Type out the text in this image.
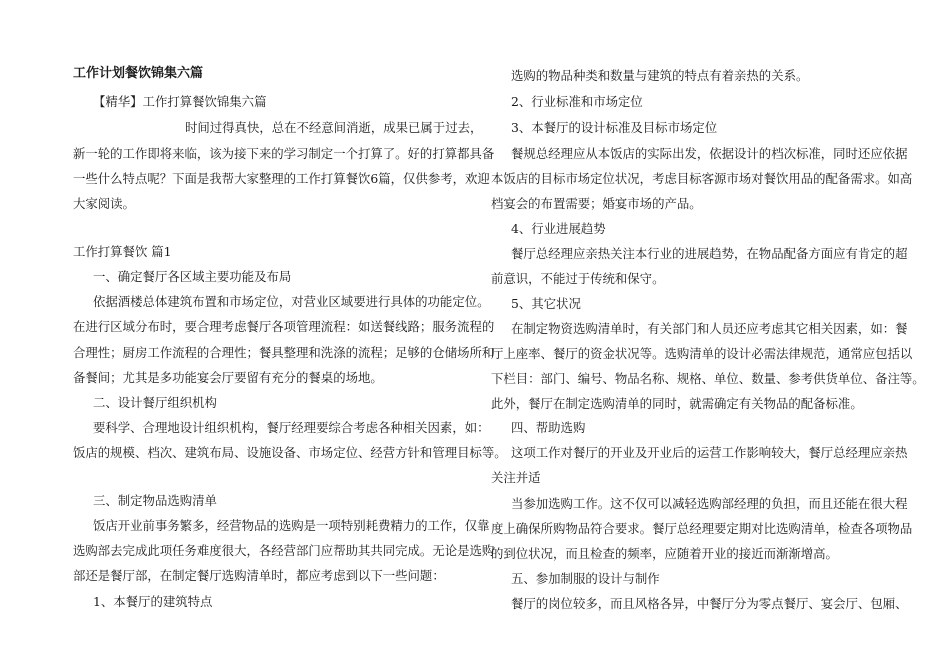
工作计划餐饮锦集六篇
【精华】工作打算餐饮锦集六篇
时间过得真快，总在不经意间消逝，成果已属于过去，
新一轮的工作即将来临，该为接下来的学习制定一个打算了。好的打算都具备
一些什么特点呢？下面是我帮大家整理的工作打算餐饮6篇，仅供参考，欢迎
大家阅读。
工作打算餐饮 篇1
一、确定餐厅各区域主要功能及布局
依据酒楼总体建筑布置和市场定位，对营业区域要进行具体的功能定位。
在进行区域分布时，要合理考虑餐厅各项管理流程：如送餐线路；服务流程的
合理性；厨房工作流程的合理性；餐具整理和洗涤的流程；足够的仓储场所和
备餐间；尤其是多功能宴会厅要留有充分的餐桌的场地。
二、设计餐厅组织机构
要科学、合理地设计组织机构，餐厅经理要综合考虑各种相关因素，如：
饭店的规模、档次、建筑布局、设施设备、市场定位、经营方针和管理目标等。
三、制定物品选购清单
饭店开业前事务繁多，经营物品的选购是一项特别耗费精力的工作，仅靠
选购部去完成此项任务难度很大，各经营部门应帮助其共同完成。无论是选购
部还是餐厅部，在制定餐厅选购清单时，都应考虑到以下一些问题：
1、本餐厅的建筑特点
选购的物品种类和数量与建筑的特点有着亲热的关系。
2、行业标准和市场定位
3、本餐厅的设计标准及目标市场定位
餐规总经理应从本饭店的实际出发，依据设计的档次标准，同时还应依据
本饭店的目标市场定位状况，考虑目标客源市场对餐饮用品的配备需求。如高
档宴会的布置需要；婚宴市场的产品。
4、行业进展趋势
餐厅总经理应亲热关注本行业的进展趋势，在物品配备方面应有肯定的超
前意识，不能过于传统和保守。
5、其它状况
在制定物资选购清单时，有关部门和人员还应考虑其它相关因素，如：餐
厅上座率、餐厅的资金状况等。选购清单的设计必需法律规范，通常应包括以
下栏目：部门、编号、物品名称、规格、单位、数量、参考供货单位、备注等。
此外，餐厅在制定选购清单的同时，就需确定有关物品的配备标准。
四、帮助选购
这项工作对餐厅的开业及开业后的运营工作影响较大，餐厅总经理应亲热
关注并适
当参加选购工作。这不仅可以减轻选购部经理的负担，而且还能在很大程
度上确保所购物品符合要求。餐厅总经理要定期对比选购清单，检查各项物品
的到位状况，而且检查的频率，应随着开业的接近而渐渐增高。
五、参加制服的设计与制作
餐厅的岗位较多，而且风格各异，中餐厅分为零点餐厅、宴会厅、包厢、
